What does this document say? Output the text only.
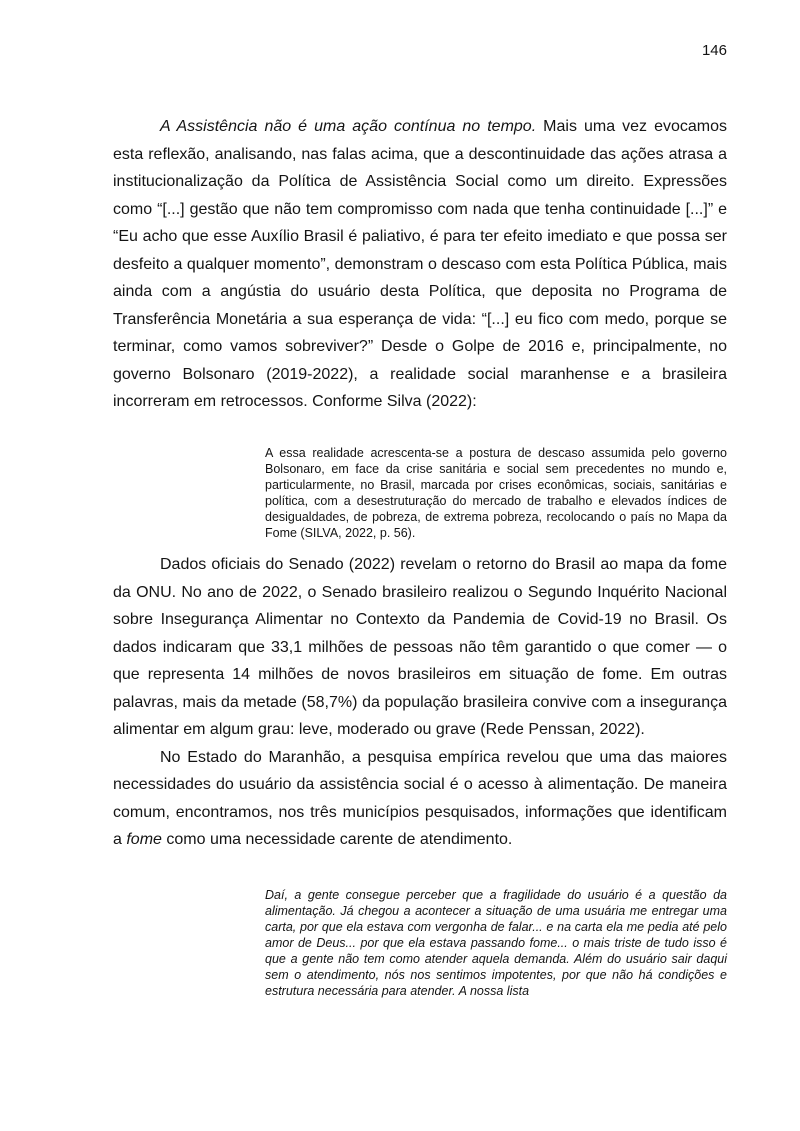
146

A Assistência não é uma ação contínua no tempo. Mais uma vez evocamos esta reflexão, analisando, nas falas acima, que a descontinuidade das ações atrasa a institucionalização da Política de Assistência Social como um direito. Expressões como “[...] gestão que não tem compromisso com nada que tenha continuidade [...]” e “Eu acho que esse Auxílio Brasil é paliativo, é para ter efeito imediato e que possa ser desfeito a qualquer momento”, demonstram o descaso com esta Política Pública, mais ainda com a angústia do usuário desta Política, que deposita no Programa de Transferência Monetária a sua esperança de vida: “[...] eu fico com medo, porque se terminar, como vamos sobreviver?” Desde o Golpe de 2016 e, principalmente, no governo Bolsonaro (2019-2022), a realidade social maranhense e a brasileira incorreram em retrocessos. Conforme Silva (2022):

A essa realidade acrescenta-se a postura de descaso assumida pelo governo Bolsonaro, em face da crise sanitária e social sem precedentes no mundo e, particularmente, no Brasil, marcada por crises econômicas, sociais, sanitárias e política, com a desestruturação do mercado de trabalho e elevados índices de desigualdades, de pobreza, de extrema pobreza, recolocando o país no Mapa da Fome (SILVA, 2022, p. 56).

Dados oficiais do Senado (2022) revelam o retorno do Brasil ao mapa da fome da ONU. No ano de 2022, o Senado brasileiro realizou o Segundo Inquérito Nacional sobre Insegurança Alimentar no Contexto da Pandemia de Covid-19 no Brasil. Os dados indicaram que 33,1 milhões de pessoas não têm garantido o que comer — o que representa 14 milhões de novos brasileiros em situação de fome. Em outras palavras, mais da metade (58,7%) da população brasileira convive com a insegurança alimentar em algum grau: leve, moderado ou grave (Rede Penssan, 2022).

No Estado do Maranhão, a pesquisa empírica revelou que uma das maiores necessidades do usuário da assistência social é o acesso à alimentação. De maneira comum, encontramos, nos três municípios pesquisados, informações que identificam a fome como uma necessidade carente de atendimento.

Daí, a gente consegue perceber que a fragilidade do usuário é a questão da alimentação. Já chegou a acontecer a situação de uma usuária me entregar uma carta, por que ela estava com vergonha de falar... e na carta ela me pedia até pelo amor de Deus... por que ela estava passando fome... o mais triste de tudo isso é que a gente não tem como atender aquela demanda. Além do usuário sair daqui sem o atendimento, nós nos sentimos impotentes, por que não há condições e estrutura necessária para atender. A nossa lista
